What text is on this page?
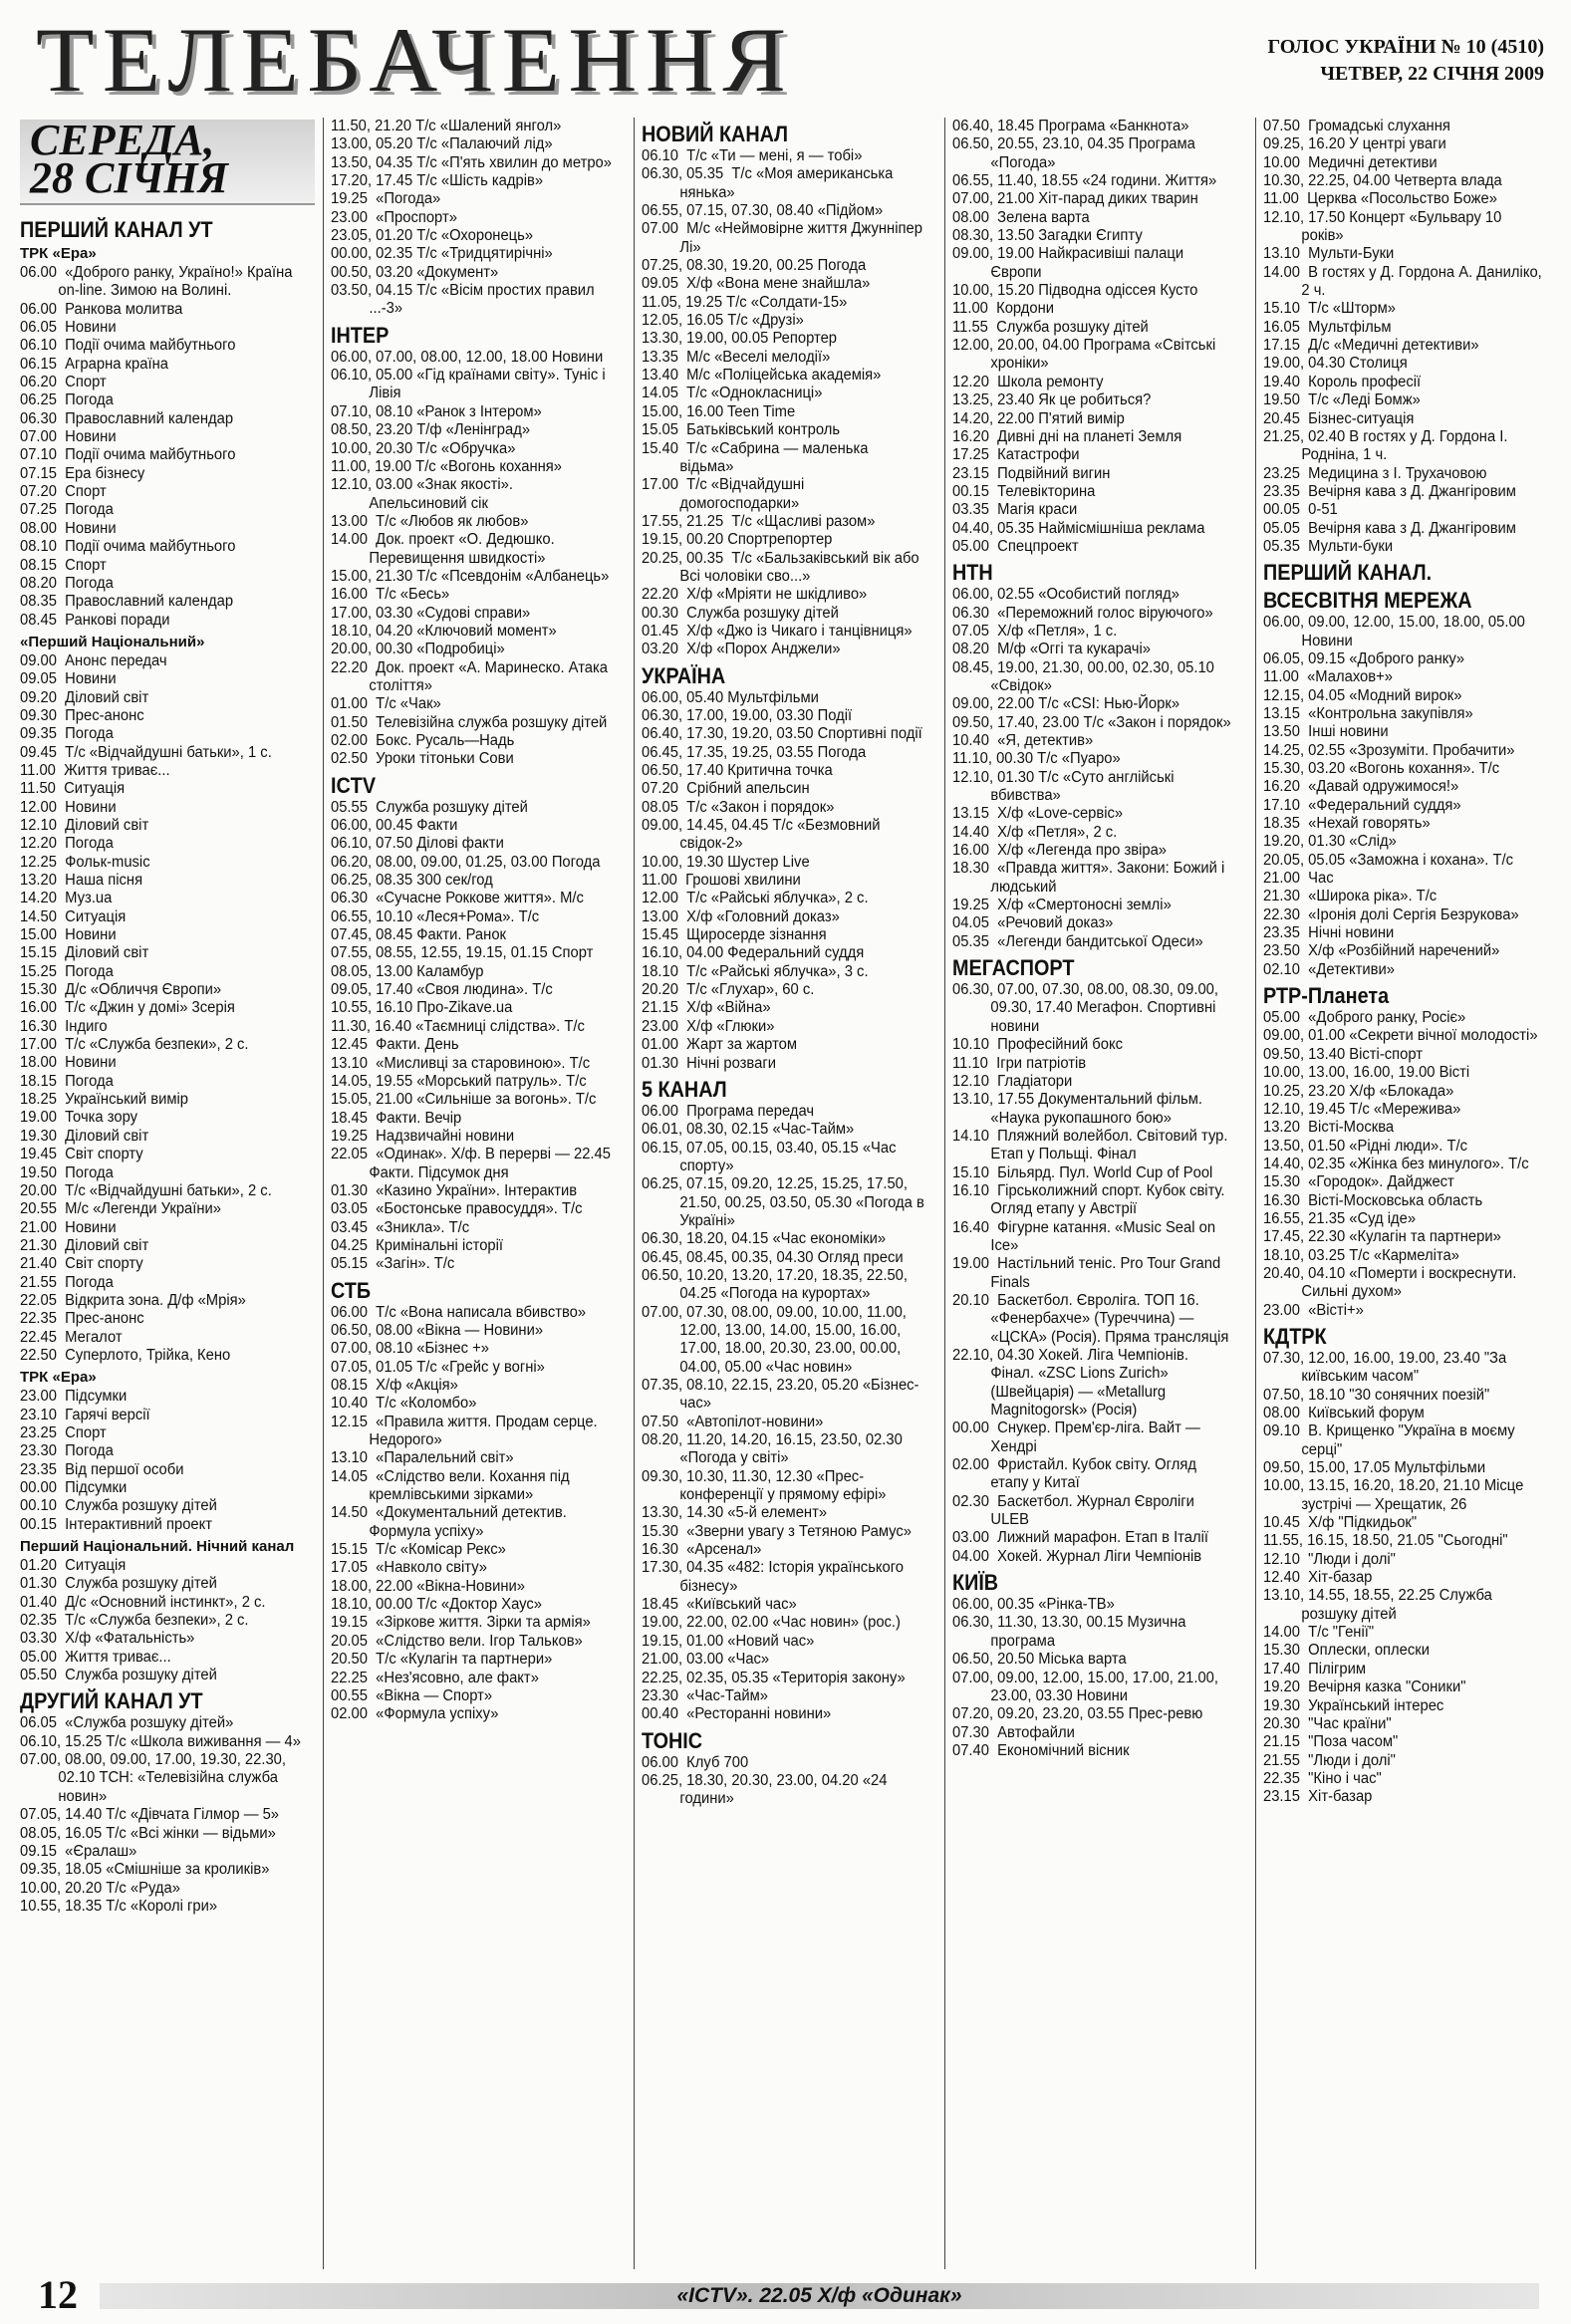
ТЕЛЕБАЧЕННЯ	ГОЛОС УКРАЇНИ № 10 (4510)
ЧЕТВЕР, 22 СІЧНЯ 2009
СЕРЕДА,
28 СІЧНЯ
ПЕРШИЙ КАНАЛ УТ
ТРК «Ера»
06.00  «Доброго ранку, Україно!» Країна on-line. Зимою на Волині.
06.00  Ранкова молитва
06.05  Новини
06.10  Події очима майбутнього
06.15  Аграрна країна
06.20  Спорт
06.25  Погода
06.30  Православний календар
07.00  Новини
07.10  Події очима майбутнього
07.15  Ера бізнесу
07.20  Спорт
07.25  Погода
08.00  Новини
08.10  Події очима майбутнього
08.15  Спорт
08.20  Погода
08.35  Православний календар
08.45  Ранкові поради
«Перший Національний»
09.00  Анонс передач
09.05  Новини
09.20  Діловий світ
09.30  Прес-анонс
09.35  Погода
09.45  Т/с «Відчайдушні батьки», 1 с.
11.00  Життя триває...
11.50  Ситуація
12.00  Новини
12.10  Діловий світ
12.20  Погода
12.25  Фольк-music
13.20  Наша пісня
14.20  Муз.ua
14.50  Ситуація
15.00  Новини
15.15  Діловий світ
15.25  Погода
15.30  Д/с «Обличчя Європи»
16.00  Т/с «Джин у домі» 3серія
16.30  Індиго
17.00  Т/с «Служба безпеки», 2 с.
18.00  Новини
18.15  Погода
18.25  Український вимір
19.00  Точка зору
19.30  Діловий світ
19.45  Світ спорту
19.50  Погода
20.00  Т/с «Відчайдушні батьки», 2 с.
20.55  М/с «Легенди України»
21.00  Новини
21.30  Діловий світ
21.40  Світ спорту
21.55  Погода
22.05  Відкрита зона. Д/ф «Мрія»
22.35  Прес-анонс
22.45  Мегалот
22.50  Суперлото, Трійка, Кено
ТРК «Ера»
23.00  Підсумки
23.10  Гарячі версії
23.25  Спорт
23.30  Погода
23.35  Від першої особи
00.00  Підсумки
00.10  Служба розшуку дітей
00.15  Інтерактивний проект
Перший Національний. Нічний канал
01.20  Ситуація
01.30  Служба розшуку дітей
01.40  Д/с «Основний інстинкт», 2 с.
02.35  Т/с «Служба безпеки», 2 с.
03.30  Х/ф «Фатальність»
05.00  Життя триває...
05.50  Служба розшуку дітей
ДРУГИЙ КАНАЛ УТ
06.05  «Служба розшуку дітей»
06.10, 15.25 Т/с «Школа виживання — 4»
07.00, 08.00, 09.00, 17.00, 19.30, 22.30, 02.10 ТСН: «Телевізійна служба новин»
07.05, 14.40 Т/с «Дівчата Гілмор — 5»
08.05, 16.05 Т/с «Всі жінки — відьми»
09.15  «Єралаш»
09.35, 18.05 «Смішніше за кроликів»
10.00, 20.20 Т/с «Руда»
10.55, 18.35 Т/с «Королі гри»
11.50, 21.20 Т/с «Шалений янгол»
13.00, 05.20 Т/с «Палаючий лід»
13.50, 04.35 Т/с «П'ять хвилин до метро»
17.20, 17.45 Т/с «Шість кадрів»
19.25  «Погода»
23.00  «Проспорт»
23.05, 01.20 Т/с «Охоронець»
00.00, 02.35 Т/с «Тридцятирічні»
00.50, 03.20 «Документ»
03.50, 04.15 Т/с «Вісім простих правил ...-3»
ІНТЕР
06.00, 07.00, 08.00, 12.00, 18.00 Новини
06.10, 05.00 «Гід країнами світу». Туніс і Лівія
07.10, 08.10 «Ранок з Інтером»
08.50, 23.20 Т/ф «Ленінград»
10.00, 20.30 Т/с «Обручка»
11.00, 19.00 Т/с «Вогонь кохання»
12.10, 03.00 «Знак якості». Апельсиновий сік
13.00  Т/с «Любов як любов»
14.00  Док. проект «О. Дедюшко. Перевищення швидкості»
15.00, 21.30 Т/с «Псевдонім «Албанець»
16.00  Т/с «Бесь»
17.00, 03.30 «Судові справи»
18.10, 04.20 «Ключовий момент»
20.00, 00.30 «Подробиці»
22.20  Док. проект «А. Маринеско. Атака століття»
01.00  Т/с «Чак»
01.50  Телевізійна служба розшуку дітей
02.00  Бокс. Русаль—Надь
02.50  Уроки тітоньки Сови
ICTV
05.55  Служба розшуку дітей
06.00, 00.45 Факти
06.10, 07.50 Ділові факти
06.20, 08.00, 09.00, 01.25, 03.00 Погода
06.25, 08.35 300 сек/год
06.30  «Сучасне Роккове життя». М/с
06.55, 10.10 «Леся+Рома». Т/с
07.45, 08.45 Факти. Ранок
07.55, 08.55, 12.55, 19.15, 01.15 Спорт
08.05, 13.00 Каламбур
09.05, 17.40 «Своя людина». Т/с
10.55, 16.10 Про-Zikave.ua
11.30, 16.40 «Таємниці слідства». Т/с
12.45  Факти. День
13.10  «Мисливці за старовиною». Т/с
14.05, 19.55 «Морський патруль». Т/с
15.05, 21.00 «Сильніше за вогонь». Т/с
18.45  Факти. Вечір
19.25  Надзвичайні новини
22.05  «Одинак». Х/ф. В перерві — 22.45 Факти. Підсумок дня
01.30  «Казино України». Інтерактив
03.05  «Бостонське правосуддя». Т/с
03.45  «Зникла». Т/с
04.25  Кримінальні історії
05.15  «Загін». Т/с
СТБ
06.00  Т/с «Вона написала вбивство»
06.50, 08.00 «Вікна — Новини»
07.00, 08.10 «Бізнес +»
07.05, 01.05 Т/с «Грейс у вогні»
08.15  Х/ф «Акція»
10.40  Т/с «Коломбо»
12.15  «Правила життя. Продам серце. Недорого»
13.10  «Паралельний світ»
14.05  «Слідство вели. Кохання під кремлівськими зірками»
14.50  «Документальний детектив. Формула успіху»
15.15  Т/с «Комісар Рекс»
17.05  «Навколо світу»
18.00, 22.00 «Вікна-Новини»
18.10, 00.00 Т/с «Доктор Хаус»
19.15  «Зіркове життя. Зірки та армія»
20.05  «Слідство вели. Ігор Тальков»
20.50  Т/с «Кулагін та партнери»
22.25  «Нез'ясовно, але факт»
00.55  «Вікна — Спорт»
02.00  «Формула успіху»
НОВИЙ КАНАЛ
06.10  Т/с «Ти — мені, я — тобі»
06.30, 05.35  Т/с «Моя американська нянька»
06.55, 07.15, 07.30, 08.40 «Підйом»
07.00  М/с «Неймовірне життя Джунніпер Лі»
07.25, 08.30, 19.20, 00.25 Погода
09.05  Х/ф «Вона мене знайшла»
11.05, 19.25 Т/с «Солдати-15»
12.05, 16.05 Т/с «Друзі»
13.30, 19.00, 00.05 Репортер
13.35  М/с «Веселі мелодії»
13.40  М/с «Поліцейська академія»
14.05  Т/с «Однокласниці»
15.00, 16.00 Teen Time
15.05  Батьківський контроль
15.40  Т/с «Сабрина — маленька відьма»
17.00  Т/с «Відчайдушні домогосподарки»
17.55, 21.25  Т/с «Щасливі разом»
19.15, 00.20 Спортрепортер
20.25, 00.35  Т/с «Бальзаківський вік або Всі чоловіки сво...»
22.20  Х/ф «Мріяти не шкідливо»
00.30  Служба розшуку дітей
01.45  Х/ф «Джо із Чикаго і танцівниця»
03.20  Х/ф «Порох Анджели»
УКРАЇНА
06.00, 05.40 Мультфільми
06.30, 17.00, 19.00, 03.30 Події
06.40, 17.30, 19.20, 03.50 Спортивні події
06.45, 17.35, 19.25, 03.55 Погода
06.50, 17.40 Критична точка
07.20  Срібний апельсин
08.05  Т/с «Закон і порядок»
09.00, 14.45, 04.45 Т/с «Безмовний свідок-2»
10.00, 19.30 Шустер Live
11.00  Грошові хвилини
12.00  Т/с «Райські яблучка», 2 с.
13.00  Х/ф «Головний доказ»
15.45  Щиросерде зізнання
16.10, 04.00 Федеральний суддя
18.10  Т/с «Райські яблучка», 3 с.
20.20  Т/с «Глухар», 60 с.
21.15  Х/ф «Війна»
23.00  Х/ф «Глюки»
01.00  Жарт за жартом
01.30  Нічні розваги
5 КАНАЛ
06.00  Програма передач
06.01, 08.30, 02.15 «Час-Тайм»
06.15, 07.05, 00.15, 03.40, 05.15 «Час спорту»
06.25, 07.15, 09.20, 12.25, 15.25, 17.50, 21.50, 00.25, 03.50, 05.30 «Погода в Україні»
06.30, 18.20, 04.15 «Час економіки»
06.45, 08.45, 00.35, 04.30 Огляд преси
06.50, 10.20, 13.20, 17.20, 18.35, 22.50, 04.25 «Погода на курортах»
07.00, 07.30, 08.00, 09.00, 10.00, 11.00, 12.00, 13.00, 14.00, 15.00, 16.00, 17.00, 18.00, 20.30, 23.00, 00.00, 04.00, 05.00 «Час новин»
07.35, 08.10, 22.15, 23.20, 05.20 «Бізнес-час»
07.50  «Автопілот-новини»
08.20, 11.20, 14.20, 16.15, 23.50, 02.30 «Погода у світі»
09.30, 10.30, 11.30, 12.30 «Прес-конференції у прямому ефірі»
13.30, 14.30 «5-й елемент»
15.30  «Зверни увагу з Тетяною Рамус»
16.30  «Арсенал»
17.30, 04.35 «482: Історія українського бізнесу»
18.45  «Київський час»
19.00, 22.00, 02.00 «Час новин» (рос.)
19.15, 01.00 «Новий час»
21.00, 03.00 «Час»
22.25, 02.35, 05.35 «Територія закону»
23.30  «Час-Тайм»
00.40  «Ресторанні новини»
ТОНІС
06.00  Клуб 700
06.25, 18.30, 20.30, 23.00, 04.20 «24 години»
06.40, 18.45 Програма «Банкнота»
06.50, 20.55, 23.10, 04.35 Програма «Погода»
06.55, 11.40, 18.55 «24 години. Життя»
07.00, 21.00 Хіт-парад диких тварин
08.00  Зелена варта
08.30, 13.50 Загадки Єгипту
09.00, 19.00 Найкрасивіші палаци Європи
10.00, 15.20 Підводна одіссея Кусто
11.00  Кордони
11.55  Служба розшуку дітей
12.00, 20.00, 04.00 Програма «Світські хроніки»
12.20  Школа ремонту
13.25, 23.40 Як це робиться?
14.20, 22.00 П'ятий вимір
16.20  Дивні дні на планеті Земля
17.25  Катастрофи
23.15  Подвійний вигин
00.15  Телевікторина
03.35  Магія краси
04.40, 05.35 Наймісмішніша реклама
05.00  Спецпроект
НТН
06.00, 02.55 «Особистий погляд»
06.30  «Переможний голос віруючого»
07.05  Х/ф «Петля», 1 с.
08.20  М/ф «Оггі та кукарачі»
08.45, 19.00, 21.30, 00.00, 02.30, 05.10 «Свідок»
09.00, 22.00 Т/с «CSI: Нью-Йорк»
09.50, 17.40, 23.00 Т/с «Закон і порядок»
10.40  «Я, детектив»
11.10, 00.30 Т/с «Пуаро»
12.10, 01.30 Т/с «Суто англійські вбивства»
13.15  Х/ф «Love-сервіс»
14.40  Х/ф «Петля», 2 с.
16.00  Х/ф «Легенда про звіра»
18.30  «Правда життя». Закони: Божий і людський
19.25  Х/ф «Смертоносні землі»
04.05  «Речовий доказ»
05.35  «Легенди бандитської Одеси»
МЕГАСПОРТ
06.30, 07.00, 07.30, 08.00, 08.30, 09.00, 09.30, 17.40 Мегафон. Спортивні новини
10.10  Професійний бокс
11.10  Ігри патріотів
12.10  Гладіатори
13.10, 17.55 Документальний фільм. «Наука рукопашного бою»
14.10  Пляжний волейбол. Світовий тур. Етап у Польщі. Фінал
15.10  Більярд. Пул. World Cup of Pool
16.10  Гірськолижний спорт. Кубок світу. Огляд етапу у Австрії
16.40  Фігурне катання. «Music Seal on Ice»
19.00  Настільний теніс. Pro Tour Grand Finals
20.10  Баскетбол. Євроліга. ТОП 16. «Фенербахче» (Туреччина) — «ЦСКА» (Росія). Пряма трансляція
22.10, 04.30 Хокей. Ліга Чемпіонів. Фінал. «ZSC Lions Zurich» (Швейцарія) — «Metallurg Magnitogorsk» (Росія)
00.00  Снукер. Прем'єр-ліга. Вайт — Хендрі
02.00  Фристайл. Кубок світу. Огляд етапу у Китаї
02.30  Баскетбол. Журнал Євроліги ULEB
03.00  Лижний марафон. Етап в Італії
04.00  Хокей. Журнал Ліги Чемпіонів
КИЇВ
06.00, 00.35 «Рінка-ТВ»
06.30, 11.30, 13.30, 00.15 Музична програма
06.50, 20.50 Міська варта
07.00, 09.00, 12.00, 15.00, 17.00, 21.00, 23.00, 03.30 Новини
07.20, 09.20, 23.20, 03.55 Прес-ревю
07.30  Автофайли
07.40  Економічний вісник
07.50  Громадські слухання
09.25, 16.20 У центрі уваги
10.00  Медичні детективи
10.30, 22.25, 04.00 Четверта влада
11.00  Церква «Посольство Боже»
12.10, 17.50 Концерт «Бульвару 10 років»
13.10  Мульти-Буки
14.00  В гостях у Д. Гордона А. Даниліко, 2 ч.
15.10  Т/с «Шторм»
16.05  Мультфільм
17.15  Д/с «Медичні детективи»
19.00, 04.30 Столиця
19.40  Король професії
19.50  Т/с «Леді Бомж»
20.45  Бізнес-ситуація
21.25, 02.40 В гостях у Д. Гордона І. Родніна, 1 ч.
23.25  Медицина з І. Трухачовою
23.35  Вечірня кава з Д. Джангіровим
00.05  0-51
05.05  Вечірня кава з Д. Джангіровим
05.35  Мульти-буки
ПЕРШИЙ КАНАЛ.
ВСЕСВІТНЯ МЕРЕЖА
06.00, 09.00, 12.00, 15.00, 18.00, 05.00 Новини
06.05, 09.15 «Доброго ранку»
11.00  «Малахов+»
12.15, 04.05 «Модний вирок»
13.15  «Контрольна закупівля»
13.50  Інші новини
14.25, 02.55 «Зрозуміти. Пробачити»
15.30, 03.20 «Вогонь кохання». Т/с
16.20  «Давай одружимося!»
17.10  «Федеральний суддя»
18.35  «Нехай говорять»
19.20, 01.30 «Слід»
20.05, 05.05 «Заможна і кохана». Т/с
21.00  Час
21.30  «Широка ріка». Т/с
22.30  «Іронія долі Сергія Безрукова»
23.35  Нічні новини
23.50  Х/ф «Розбійний наречений»
02.10  «Детективи»
РТР-Планета
05.00  «Доброго ранку, Росіє»
09.00, 01.00 «Секрети вічної молодості»
09.50, 13.40 Вісті-спорт
10.00, 13.00, 16.00, 19.00 Вісті
10.25, 23.20 Х/ф «Блокада»
12.10, 19.45 Т/с «Мережива»
13.20  Вісті-Москва
13.50, 01.50 «Рідні люди». Т/с
14.40, 02.35 «Жінка без минулого». Т/с
15.30  «Городок». Дайджест
16.30  Вісті-Московська область
16.55, 21.35 «Суд іде»
17.45, 22.30 «Кулагін та партнери»
18.10, 03.25 Т/с «Кармеліта»
20.40, 04.10 «Померти і воскреснути. Сильні духом»
23.00  «Вісті+»
КДТРК
07.30, 12.00, 16.00, 19.00, 23.40 "За київським часом"
07.50, 18.10 "30 сонячних поезій"
08.00  Київський форум
09.10  В. Крищенко "Україна в моєму серці"
09.50, 15.00, 17.05 Мультфільми
10.00, 13.15, 16.20, 18.20, 21.10 Місце зустрічі — Хрещатик, 26
10.45  Х/ф "Підкидьок"
11.55, 16.15, 18.50, 21.05 "Сьогодні"
12.10  "Люди і долі"
12.40  Хіт-базар
13.10, 14.55, 18.55, 22.25 Служба розшуку дітей
14.00  Т/с "Генії"
15.30  Оплески, оплески
17.40  Пілігрим
19.20  Вечірня казка "Соники"
19.30  Український інтерес
20.30  "Час країни"
21.15  "Поза часом"
21.55  "Люди і долі"
22.35  "Кіно і час"
23.15  Хіт-базар
12	«ICTV». 22.05 Х/ф «Одинак»
